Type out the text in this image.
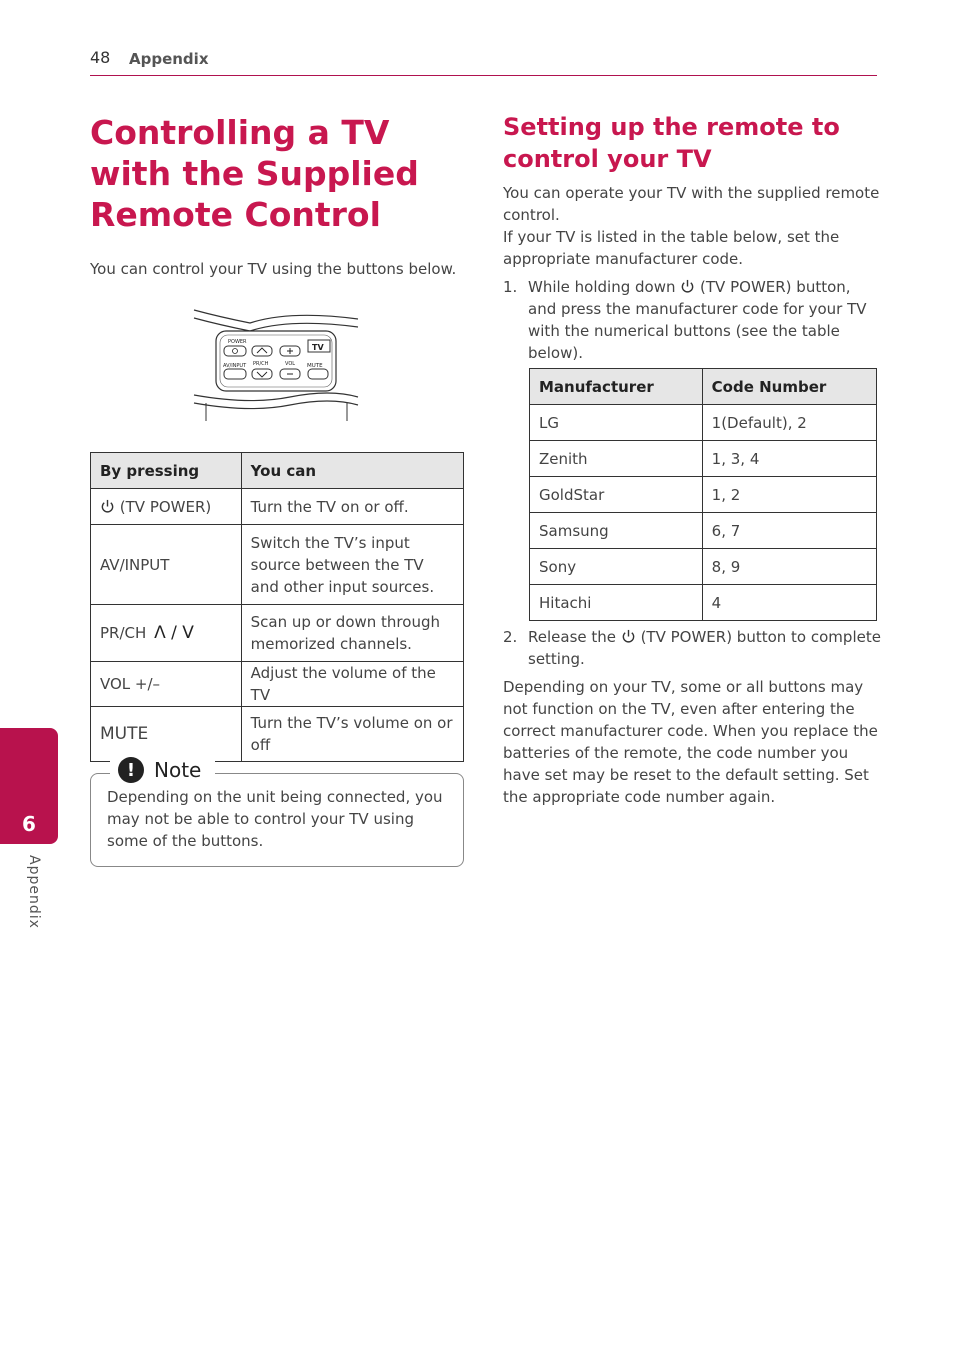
48 Appendix
Controlling a TV with the Supplied Remote Control

You can control your TV using the buttons below.

POWER
AV/INPUT PR/CH	VOL
TV
MUTE
By pressing	You can
(TV POWER)	Turn the TV on or off.
AV/INPUT	Switch the TV’s input source between the TV and other input sources.
PR/CH Λ / V	Scan up or down through memorized channels.
VOL +/–	Adjust the volume of the TV
MUTE	Turn the TV’s volume on or off
! Note

Depending on the unit being connected, you may not be able to control your TV using some of the buttons.

6
Appendix
Setting up the remote to control your TV

You can operate your TV with the supplied remote control.

If your TV is listed in the table below, set the appropriate manufacturer code.

1. While holding down (TV POWER) button, and press the manufacturer code for your TV with the numerical buttons (see the table below).
Manufacturer	Code Number
LG	1(Default), 2
Zenith	1, 3, 4
GoldStar	1, 2
Samsung	6, 7
Sony	8, 9
Hitachi	4
2. Release the (TV POWER) button to complete setting.

Depending on your TV, some or all buttons may not function on the TV, even after entering the correct manufacturer code. When you replace the batteries of the remote, the code number you have set may be reset to the default setting. Set the appropriate code number again.
